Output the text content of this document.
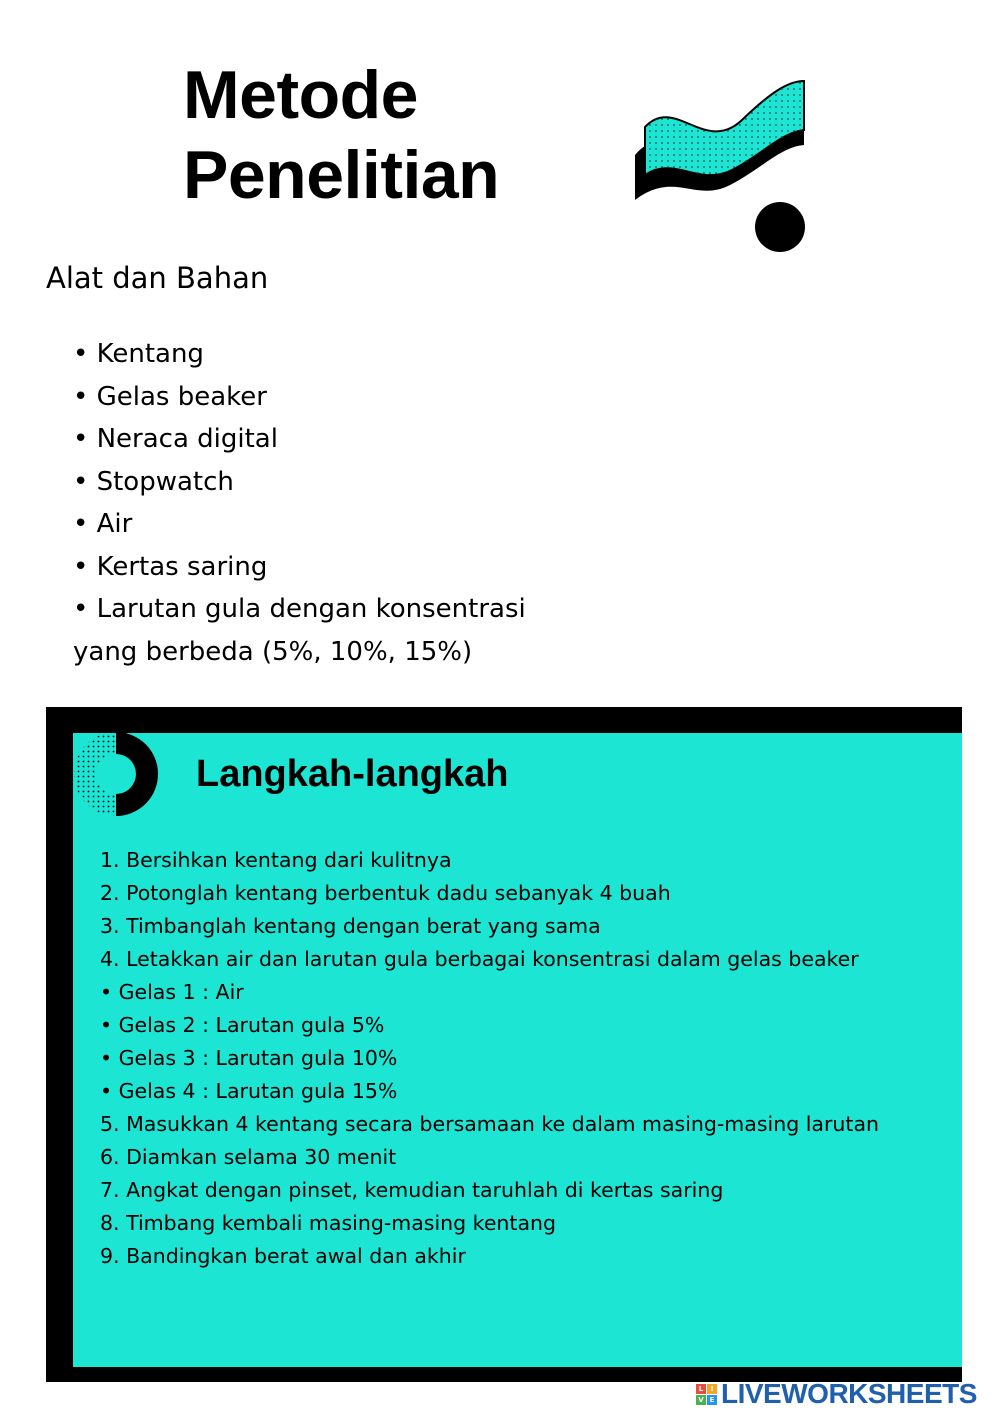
Metode
Penelitian
Alat dan Bahan
• Kentang
• Gelas beaker
• Neraca digital
• Stopwatch
• Air
• Kertas saring
• Larutan gula dengan konsentrasi
yang berbeda (5%, 10%, 15%)
Langkah-langkah
1. Bersihkan kentang dari kulitnya
2. Potonglah kentang berbentuk dadu sebanyak 4 buah
3. Timbanglah kentang dengan berat yang sama
4. Letakkan air dan larutan gula berbagai konsentrasi dalam gelas beaker
• Gelas 1 : Air
• Gelas 2 : Larutan gula 5%
• Gelas 3 : Larutan gula 10%
• Gelas 4 : Larutan gula 15%
5. Masukkan 4 kentang secara bersamaan ke dalam masing-masing larutan
6. Diamkan selama 30 menit
7. Angkat dengan pinset, kemudian taruhlah di kertas saring
8. Timbang kembali masing-masing kentang
9. Bandingkan berat awal dan akhir
L	I
V E LIVEWORKSHEETS
